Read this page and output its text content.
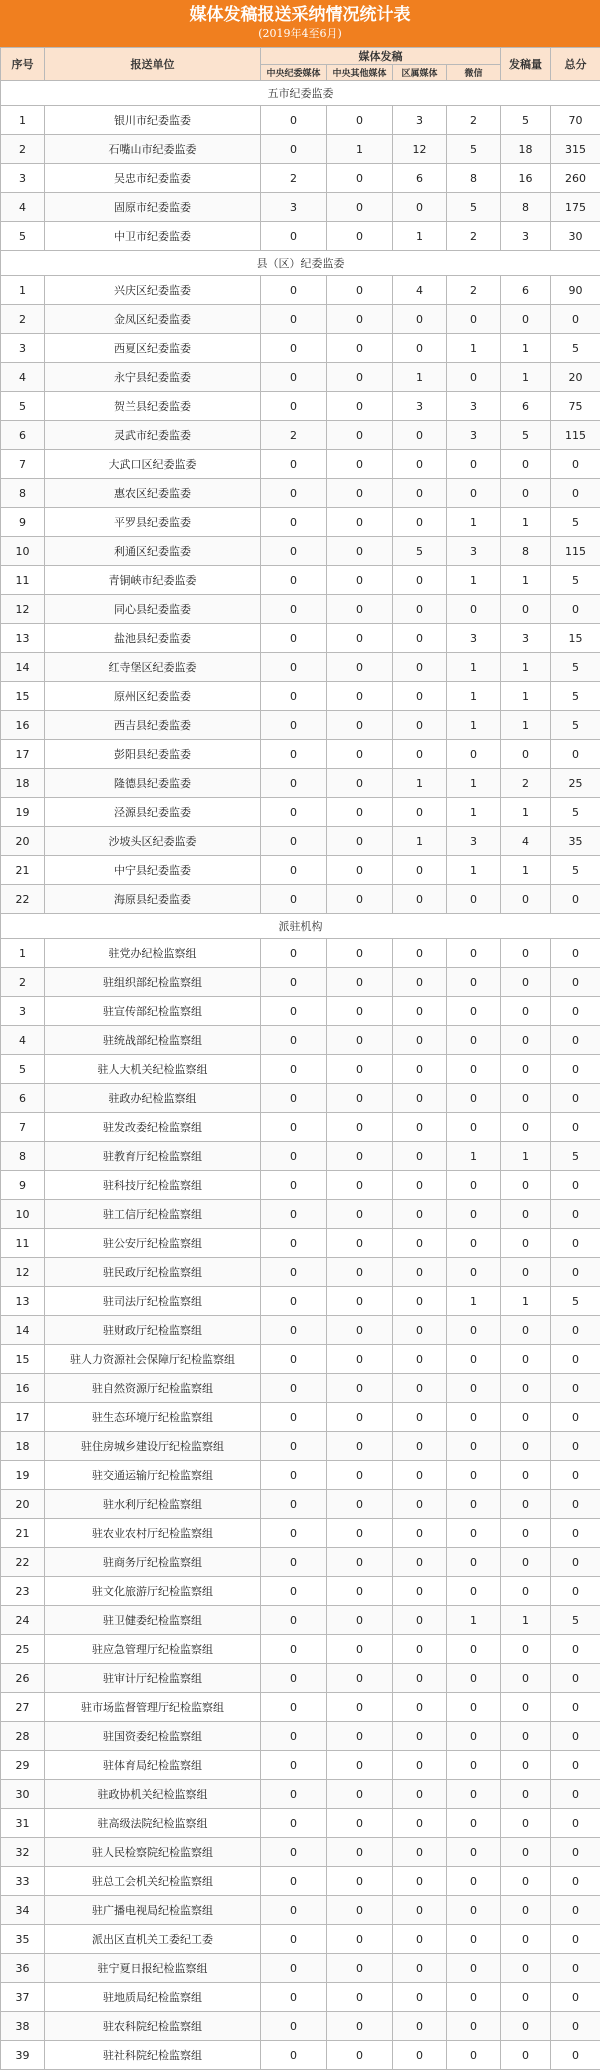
媒体发稿报送采纳情况统计表
(2019年4至6月)
序号	报送单位	媒体发稿				发稿量	总分
		中央纪委媒体	中央其他媒体	区属媒体	微信		
五市纪委监委							
1	银川市纪委监委	0	0	3	2	5	70
2	石嘴山市纪委监委	0	1	12	5	18	315
3	吴忠市纪委监委	2	0	6	8	16	260
4	固原市纪委监委	3	0	0	5	8	175
5	中卫市纪委监委	0	0	1	2	3	30
县（区）纪委监委							
1	兴庆区纪委监委	0	0	4	2	6	90
2	金凤区纪委监委	0	0	0	0	0	0
3	西夏区纪委监委	0	0	0	1	1	5
4	永宁县纪委监委	0	0	1	0	1	20
5	贺兰县纪委监委	0	0	3	3	6	75
6	灵武市纪委监委	2	0	0	3	5	115
7	大武口区纪委监委	0	0	0	0	0	0
8	惠农区纪委监委	0	0	0	0	0	0
9	平罗县纪委监委	0	0	0	1	1	5
10	利通区纪委监委	0	0	5	3	8	115
11	青铜峡市纪委监委	0	0	0	1	1	5
12	同心县纪委监委	0	0	0	0	0	0
13	盐池县纪委监委	0	0	0	3	3	15
14	红寺堡区纪委监委	0	0	0	1	1	5
15	原州区纪委监委	0	0	0	1	1	5
16	西吉县纪委监委	0	0	0	1	1	5
17	彭阳县纪委监委	0	0	0	0	0	0
18	隆德县纪委监委	0	0	1	1	2	25
19	泾源县纪委监委	0	0	0	1	1	5
20	沙坡头区纪委监委	0	0	1	3	4	35
21	中宁县纪委监委	0	0	0	1	1	5
22	海原县纪委监委	0	0	0	0	0	0
派驻机构							
1	驻党办纪检监察组	0	0	0	0	0	0
2	驻组织部纪检监察组	0	0	0	0	0	0
3	驻宣传部纪检监察组	0	0	0	0	0	0
4	驻统战部纪检监察组	0	0	0	0	0	0
5	驻人大机关纪检监察组	0	0	0	0	0	0
6	驻政办纪检监察组	0	0	0	0	0	0
7	驻发改委纪检监察组	0	0	0	0	0	0
8	驻教育厅纪检监察组	0	0	0	1	1	5
9	驻科技厅纪检监察组	0	0	0	0	0	0
10	驻工信厅纪检监察组	0	0	0	0	0	0
11	驻公安厅纪检监察组	0	0	0	0	0	0
12	驻民政厅纪检监察组	0	0	0	0	0	0
13	驻司法厅纪检监察组	0	0	0	1	1	5
14	驻财政厅纪检监察组	0	0	0	0	0	0
15	驻人力资源社会保障厅纪检监察组	0	0	0	0	0	0
16	驻自然资源厅纪检监察组	0	0	0	0	0	0
17	驻生态环境厅纪检监察组	0	0	0	0	0	0
18	驻住房城乡建设厅纪检监察组	0	0	0	0	0	0
19	驻交通运输厅纪检监察组	0	0	0	0	0	0
20	驻水利厅纪检监察组	0	0	0	0	0	0
21	驻农业农村厅纪检监察组	0	0	0	0	0	0
22	驻商务厅纪检监察组	0	0	0	0	0	0
23	驻文化旅游厅纪检监察组	0	0	0	0	0	0
24	驻卫健委纪检监察组	0	0	0	1	1	5
25	驻应急管理厅纪检监察组	0	0	0	0	0	0
26	驻审计厅纪检监察组	0	0	0	0	0	0
27	驻市场监督管理厅纪检监察组	0	0	0	0	0	0
28	驻国资委纪检监察组	0	0	0	0	0	0
29	驻体育局纪检监察组	0	0	0	0	0	0
30	驻政协机关纪检监察组	0	0	0	0	0	0
31	驻高级法院纪检监察组	0	0	0	0	0	0
32	驻人民检察院纪检监察组	0	0	0	0	0	0
33	驻总工会机关纪检监察组	0	0	0	0	0	0
34	驻广播电视局纪检监察组	0	0	0	0	0	0
35	派出区直机关工委纪工委	0	0	0	0	0	0
36	驻宁夏日报纪检监察组	0	0	0	0	0	0
37	驻地质局纪检监察组	0	0	0	0	0	0
38	驻农科院纪检监察组	0	0	0	0	0	0
39	驻社科院纪检监察组	0	0	0	0	0	0
